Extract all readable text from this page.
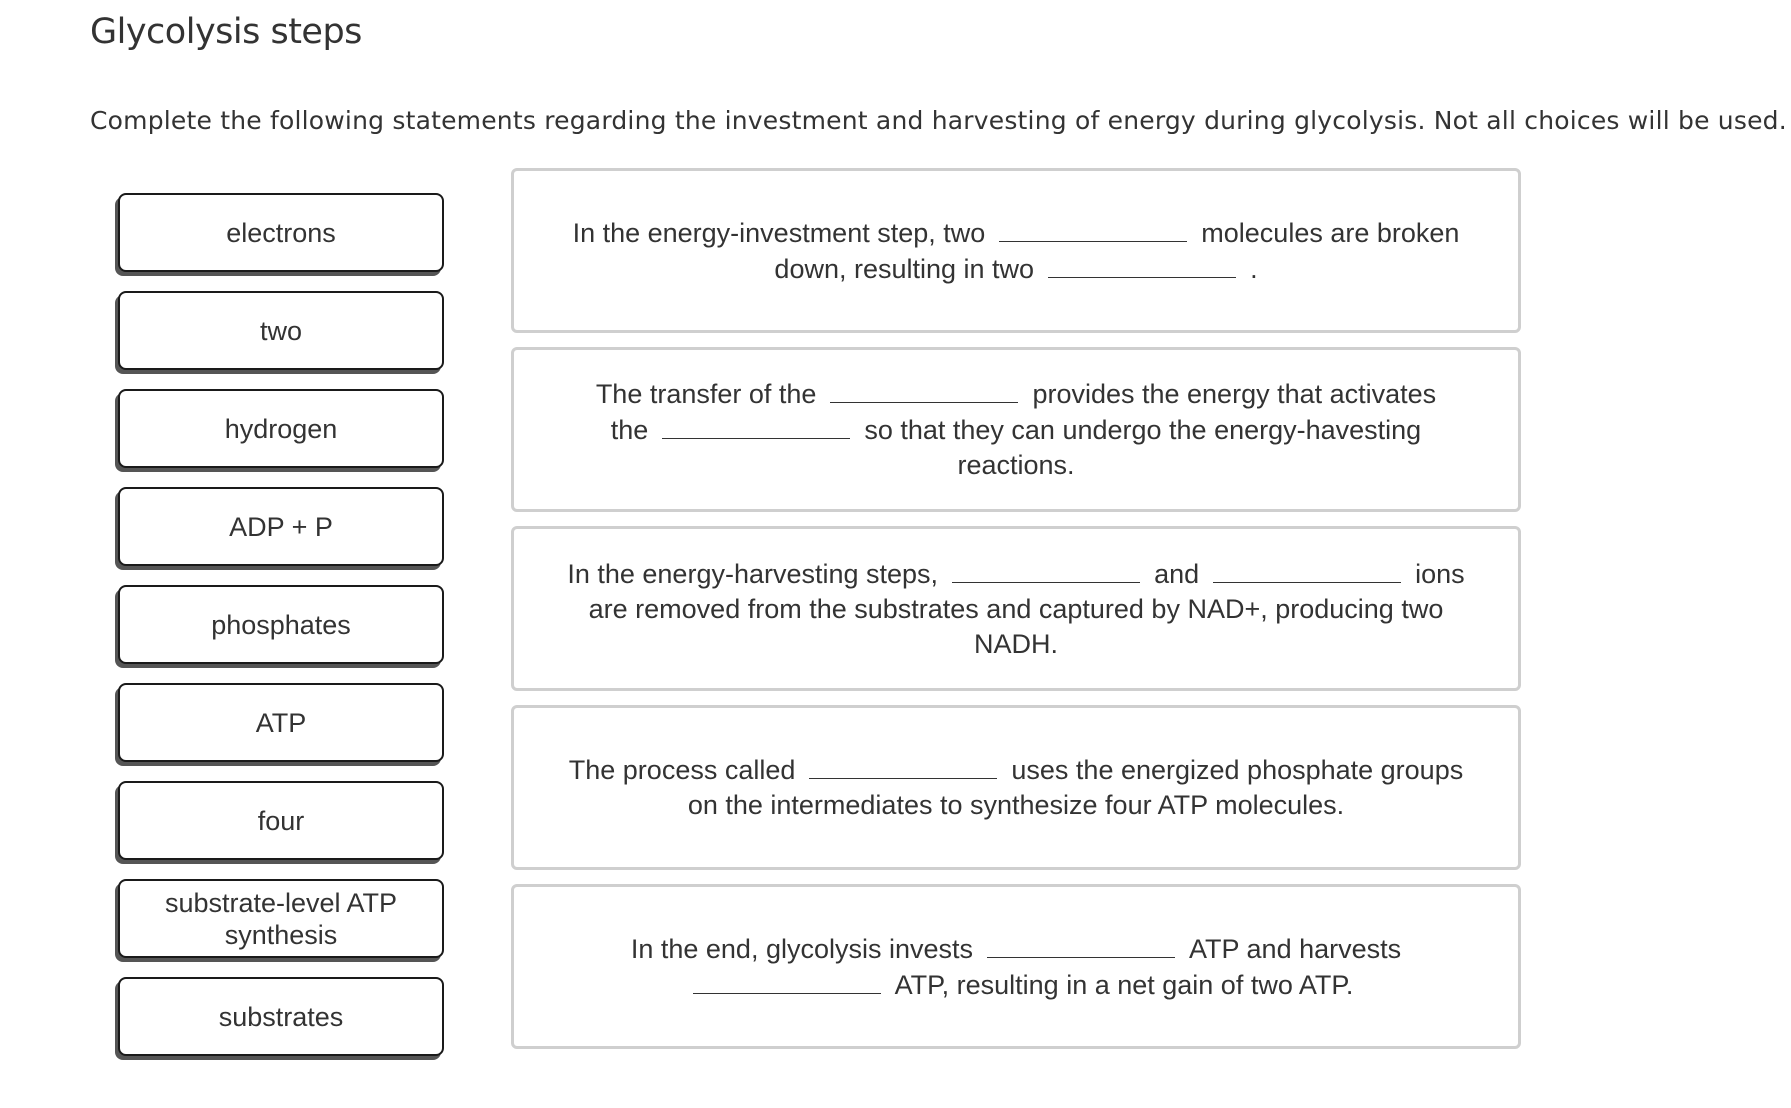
Glycolysis steps
Complete the following statements regarding the investment and harvesting of energy during glycolysis. Not all choices will be used.
electrons
two
hydrogen
ADP + P
phosphates
ATP
four
substrate-level ATP synthesis
substrates
In the energy-investment step, two	molecules are broken down, resulting in two	.
The transfer of the	provides the energy that activates the	so that they can undergo the energy-havesting reactions.
In the energy-harvesting steps,	and	ions are removed from the substrates and captured by NAD+, producing two NADH.
The process called	uses the energized phosphate groups on the intermediates to synthesize four ATP molecules.
In the end, glycolysis invests	ATP and harvestsATP, resulting in a net gain of two ATP.
